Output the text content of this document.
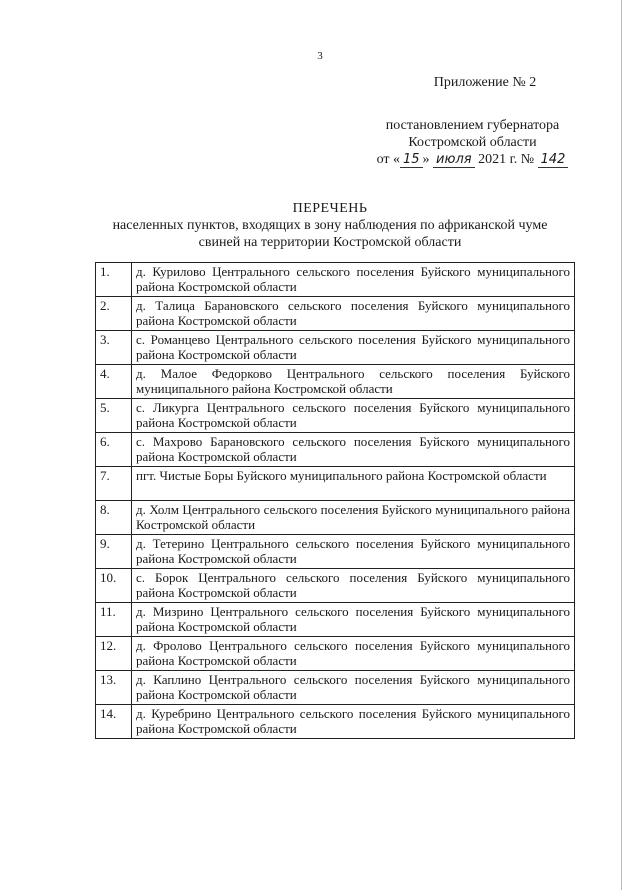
3
Приложение № 2
постановлением губернатора
Костромской области
от « 15 » июля 2021 г. № 142
ПЕРЕЧЕНЬ
населенных пунктов, входящих в зону наблюдения по африканской чуме
свиней на территории Костромской области
1.	д. Курилово Центрального сельского поселения Буйского муниципального района Костромской области
2.	д. Талица Барановского сельского поселения Буйского муниципального района Костромской области
3.	с. Романцево Центрального сельского поселения Буйского муниципального района Костромской области
4.	д. Малое Федорково Центрального сельского поселения Буйского муниципального района Костромской области
5.	с. Ликурга Центрального сельского поселения Буйского муниципального района Костромской области
6.	с. Махрово Барановского сельского поселения Буйского муниципального района Костромской области
7.	пгт. Чистые Боры Буйского муниципального района Костромской области
8.	д. Холм Центрального сельского поселения Буйского муниципального района Костромской области
9.	д. Тетерино Центрального сельского поселения Буйского муниципального района Костромской области
10.	с. Борок Центрального сельского поселения Буйского муниципального района Костромской области
11.	д. Мизрино Центрального сельского поселения Буйского муниципального района Костромской области
12.	д. Фролово Центрального сельского поселения Буйского муниципального района Костромской области
13.	д. Каплино Центрального сельского поселения Буйского муниципального района Костромской области
14.	д. Куребрино Центрального сельского поселения Буйского муниципального района Костромской области
